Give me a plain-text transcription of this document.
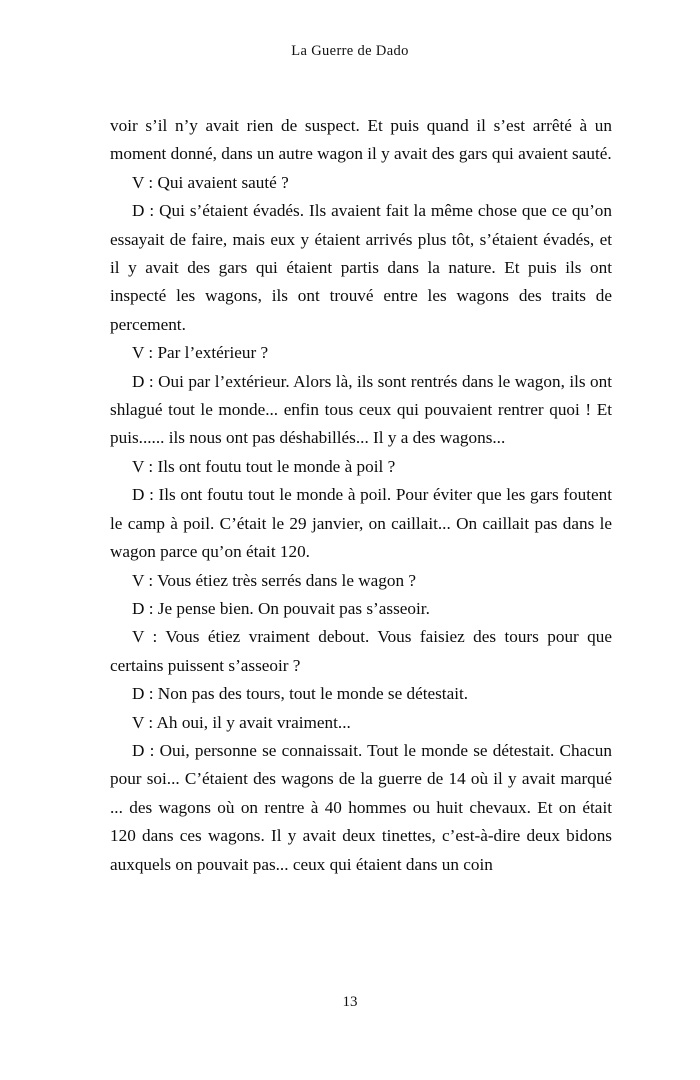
La Guerre de Dado

voir s’il n’y avait rien de suspect. Et puis quand il s’est arrêté à un moment donné, dans un autre wagon il y avait des gars qui avaient sauté.

V : Qui avaient sauté ?

D : Qui s’étaient évadés. Ils avaient fait la même chose que ce qu’on essayait de faire, mais eux y étaient arrivés plus tôt, s’étaient évadés, et il y avait des gars qui étaient partis dans la nature. Et puis ils ont inspecté les wagons, ils ont trouvé entre les wagons des traits de percement.

V : Par l’extérieur ?

D : Oui par l’extérieur. Alors là, ils sont rentrés dans le wagon, ils ont shlagué tout le monde... enfin tous ceux qui pouvaient rentrer quoi ! Et puis...... ils nous ont pas déshabillés... Il y a des wagons...

V : Ils ont foutu tout le monde à poil ?

D : Ils ont foutu tout le monde à poil. Pour éviter que les gars foutent le camp à poil. C’était le 29 janvier, on caillait... On caillait pas dans le wagon parce qu’on était 120.

V : Vous étiez très serrés dans le wagon ?

D : Je pense bien. On pouvait pas s’asseoir.

V : Vous étiez vraiment debout. Vous faisiez des tours pour que certains puissent s’asseoir ?

D : Non pas des tours, tout le monde se détestait.

V : Ah oui, il y avait vraiment...

D : Oui, personne se connaissait. Tout le monde se détestait. Chacun pour soi... C’étaient des wagons de la guerre de 14 où il y avait marqué ... des wagons où on rentre à 40 hommes ou huit chevaux. Et on était 120 dans ces wagons. Il y avait deux tinettes, c’est-à-dire deux bidons auxquels on pouvait pas... ceux qui étaient dans un coin

13
